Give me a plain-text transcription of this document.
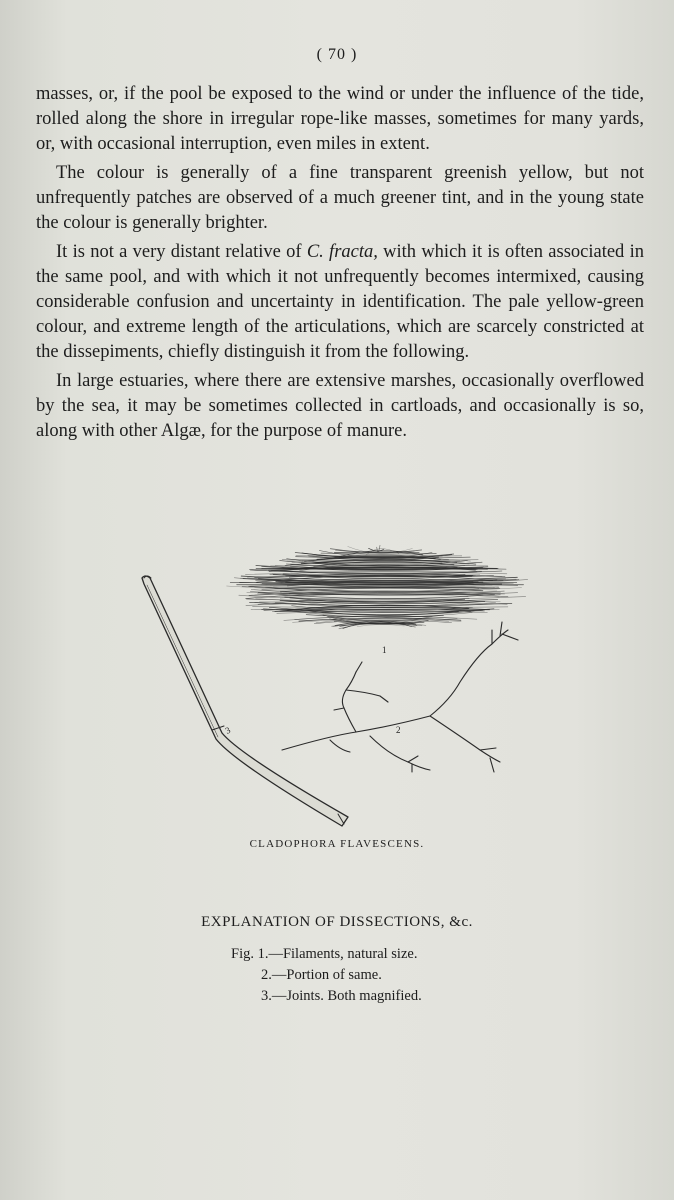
( 70 )

masses, or, if the pool be exposed to the wind or under the influence of the tide, rolled along the shore in irregular rope-like masses, sometimes for many yards, or, with occasional interruption, even miles in extent.

The colour is generally of a fine transparent greenish yellow, but not unfrequently patches are observed of a much greener tint, and in the young state the colour is generally brighter.

It is not a very distant relative of C. fracta, with which it is often associated in the same pool, and with which it not unfrequently becomes intermixed, causing considerable confusion and uncertainty in identification. The pale yellow-green colour, and extreme length of the articulations, which are scarcely constricted at the dissepiments, chiefly distinguish it from the following.

In large estuaries, where there are extensive marshes, occasionally overflowed by the sea, it may be sometimes collected in cartloads, and occasionally is so, along with other Algæ, for the purpose of manure.

1
3	2
CLADOPHORA FLAVESCENS.
EXPLANATION OF DISSECTIONS, &c.
Fig. 1.—Filaments, natural size.
2.—Portion of same.
3.—Joints. Both magnified.
